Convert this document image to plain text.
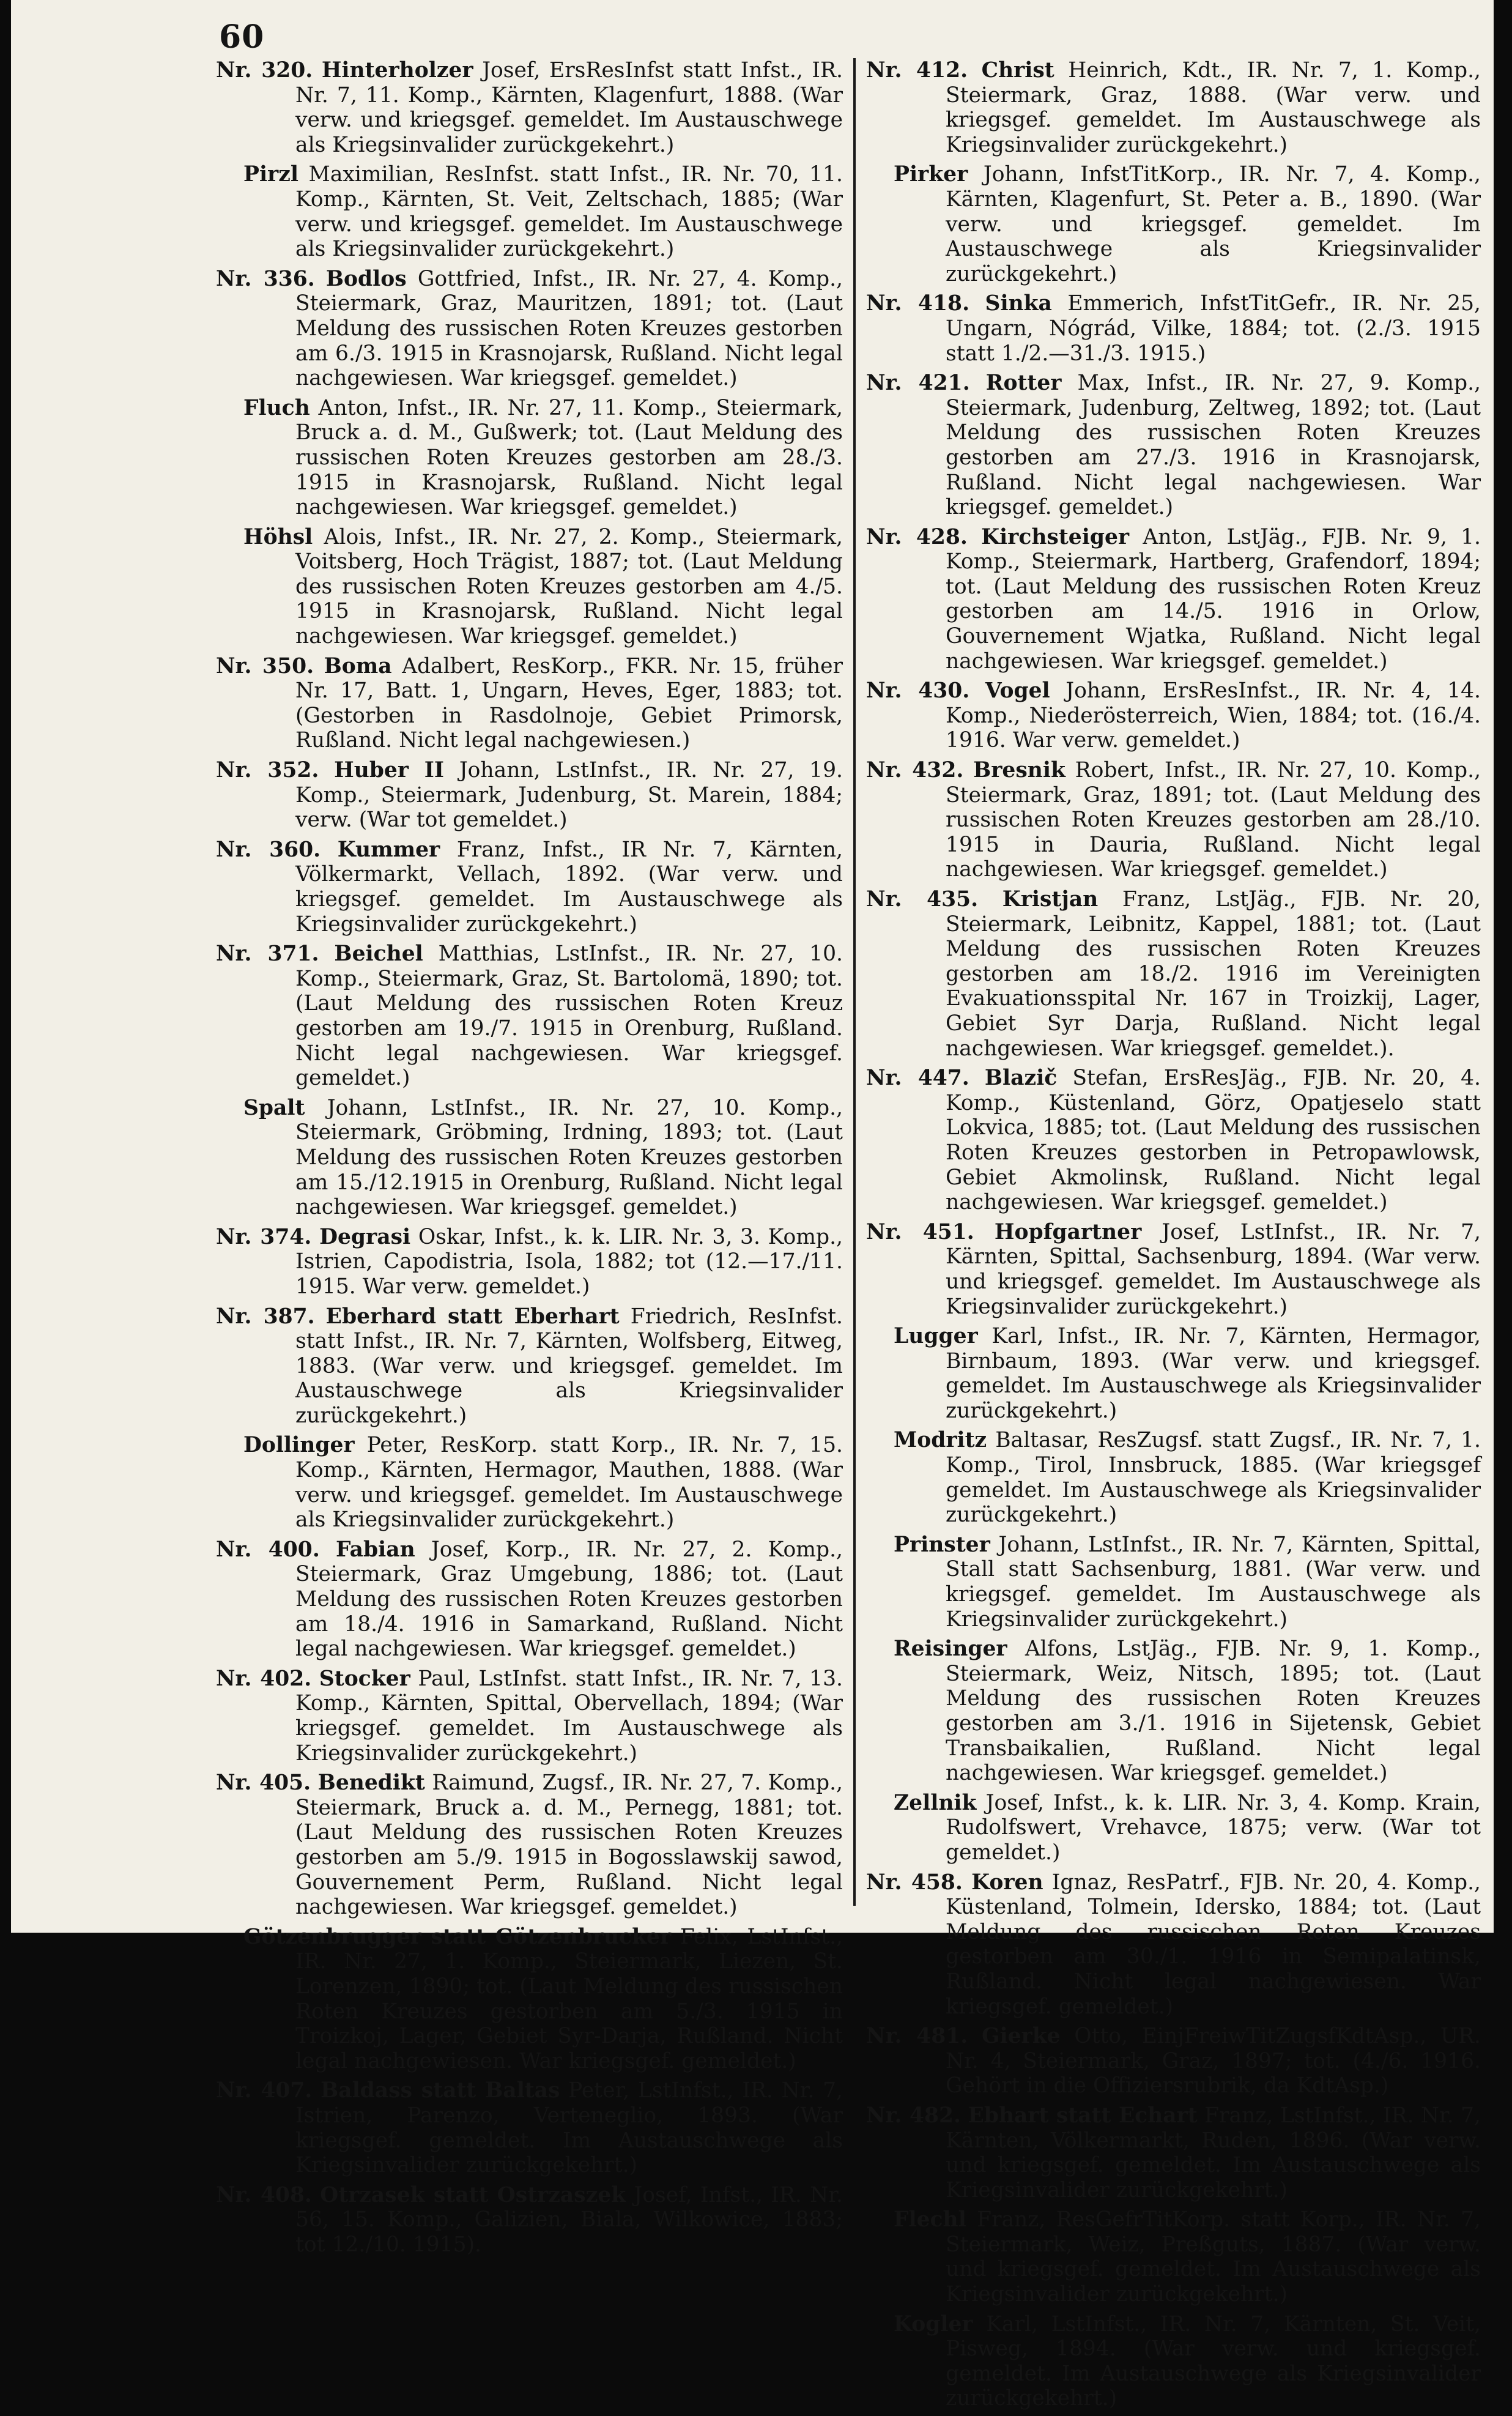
60

Nr. 320. Hinterholzer Josef, ErsResInfst statt Infst., IR. Nr. 7, 11. Komp., Kärnten, Klagenfurt, 1888. (War verw. und kriegsgef. gemeldet. Im Austauschwege als Kriegsinvalider zurückgekehrt.)

Pirzl Maximilian, ResInfst. statt Infst., IR. Nr. 70, 11. Komp., Kärnten, St. Veit, Zeltschach, 1885; (War verw. und kriegsgef. gemeldet. Im Austauschwege als Kriegsinvalider zurückgekehrt.)

Nr. 336. Bodlos Gottfried, Infst., IR. Nr. 27, 4. Komp., Steiermark, Graz, Mauritzen, 1891; tot. (Laut Meldung des russischen Roten Kreuzes gestorben am 6./3. 1915 in Krasnojarsk, Rußland. Nicht legal nachgewiesen. War kriegsgef. gemeldet.)

Fluch Anton, Infst., IR. Nr. 27, 11. Komp., Steiermark, Bruck a. d. M., Gußwerk; tot. (Laut Meldung des russischen Roten Kreuzes gestorben am 28./3. 1915 in Krasnojarsk, Rußland. Nicht legal nachgewiesen. War kriegsgef. gemeldet.)

Höhsl Alois, Infst., IR. Nr. 27, 2. Komp., Steiermark, Voitsberg, Hoch Trägist, 1887; tot. (Laut Meldung des russischen Roten Kreuzes gestorben am 4./5. 1915 in Krasnojarsk, Rußland. Nicht legal nachgewiesen. War kriegsgef. gemeldet.)

Nr. 350. Boma Adalbert, ResKorp., FKR. Nr. 15, früher Nr. 17, Batt. 1, Ungarn, Heves, Eger, 1883; tot. (Gestorben in Rasdolnoje, Gebiet Primorsk, Rußland. Nicht legal nachgewiesen.)

Nr. 352. Huber II Johann, LstInfst., IR. Nr. 27, 19. Komp., Steiermark, Judenburg, St. Marein, 1884; verw. (War tot gemeldet.)

Nr. 360. Kummer Franz, Infst., IR Nr. 7, Kärnten, Völkermarkt, Vellach, 1892. (War verw. und kriegsgef. gemeldet. Im Austauschwege als Kriegsinvalider zurückgekehrt.)

Nr. 371. Beichel Matthias, LstInfst., IR. Nr. 27, 10. Komp., Steiermark, Graz, St. Bartolomä, 1890; tot. (Laut Meldung des russischen Roten Kreuz gestorben am 19./7. 1915 in Orenburg, Rußland. Nicht legal nachgewiesen. War kriegsgef. gemeldet.)

Spalt Johann, LstInfst., IR. Nr. 27, 10. Komp., Steiermark, Gröbming, Irdning, 1893; tot. (Laut Meldung des russischen Roten Kreuzes gestorben am 15./12.1915 in Orenburg, Rußland. Nicht legal nachgewiesen. War kriegsgef. gemeldet.)

Nr. 374. Degrasi Oskar, Infst., k. k. LIR. Nr. 3, 3. Komp., Istrien, Capodistria, Isola, 1882; tot (12.—17./11. 1915. War verw. gemeldet.)

Nr. 387. Eberhard statt Eberhart Friedrich, ResInfst. statt Infst., IR. Nr. 7, Kärnten, Wolfsberg, Eitweg, 1883. (War verw. und kriegsgef. gemeldet. Im Austauschwege als Kriegsinvalider zurückgekehrt.)

Dollinger Peter, ResKorp. statt Korp., IR. Nr. 7, 15. Komp., Kärnten, Hermagor, Mauthen, 1888. (War verw. und kriegsgef. gemeldet. Im Austauschwege als Kriegsinvalider zurückgekehrt.)

Nr. 400. Fabian Josef, Korp., IR. Nr. 27, 2. Komp., Steiermark, Graz Umgebung, 1886; tot. (Laut Meldung des russischen Roten Kreuzes gestorben am 18./4. 1916 in Samarkand, Rußland. Nicht legal nachgewiesen. War kriegsgef. gemeldet.)

Nr. 402. Stocker Paul, LstInfst. statt Infst., IR. Nr. 7, 13. Komp., Kärnten, Spittal, Obervellach, 1894; (War kriegsgef. gemeldet. Im Austauschwege als Kriegsinvalider zurückgekehrt.)

Nr. 405. Benedikt Raimund, Zugsf., IR. Nr. 27, 7. Komp., Steiermark, Bruck a. d. M., Pernegg, 1881; tot. (Laut Meldung des russischen Roten Kreuzes gestorben am 5./9. 1915 in Bogosslawskij sawod, Gouvernement Perm, Rußland. Nicht legal nachgewiesen. War kriegsgef. gemeldet.)

Götzenbrugger statt Götzenbrucker Felix, LstInfst., IR. Nr. 27, 1. Komp., Steiermark, Liezen, St. Lorenzen, 1890; tot. (Laut Meldung des russischen Roten Kreuzes gestorben am 5./3. 1915 in Troizkoj, Lager, Gebiet Syr-Darja, Rußland. Nicht legal nachgewiesen. War kriegsgef. gemeldet.)

Nr. 407. Baldass statt Baltas Peter, LstInfst., IR. Nr. 7, Istrien, Parenzo, Verteneglio, 1893. (War kriegsgef. gemeldet. Im Austauschwege als Kriegsinvalider zurückgekehrt.)

Nr. 408. Otrzasek statt Ostrzaszek Josef, Infst., IR. Nr. 56, 15. Komp., Galizien, Biala, Wilkowice, 1883; tot 12./10. 1915).

Nr. 412. Christ Heinrich, Kdt., IR. Nr. 7, 1. Komp., Steiermark, Graz, 1888. (War verw. und kriegsgef. gemeldet. Im Austauschwege als Kriegsinvalider zurückgekehrt.)

Pirker Johann, InfstTitKorp., IR. Nr. 7, 4. Komp., Kärnten, Klagenfurt, St. Peter a. B., 1890. (War verw. und kriegsgef. gemeldet. Im Austauschwege als Kriegsinvalider zurückgekehrt.)

Nr. 418. Sinka Emmerich, InfstTitGefr., IR. Nr. 25, Ungarn, Nógrád, Vilke, 1884; tot. (2./3. 1915 statt 1./2.—31./3. 1915.)

Nr. 421. Rotter Max, Infst., IR. Nr. 27, 9. Komp., Steiermark, Judenburg, Zeltweg, 1892; tot. (Laut Meldung des russischen Roten Kreuzes gestorben am 27./3. 1916 in Krasnojarsk, Rußland. Nicht legal nachgewiesen. War kriegsgef. gemeldet.)

Nr. 428. Kirchsteiger Anton, LstJäg., FJB. Nr. 9, 1. Komp., Steiermark, Hartberg, Grafendorf, 1894; tot. (Laut Meldung des russischen Roten Kreuz gestorben am 14./5. 1916 in Orlow, Gouvernement Wjatka, Rußland. Nicht legal nachgewiesen. War kriegsgef. gemeldet.)

Nr. 430. Vogel Johann, ErsResInfst., IR. Nr. 4, 14. Komp., Niederösterreich, Wien, 1884; tot. (16./4. 1916. War verw. gemeldet.)

Nr. 432. Bresnik Robert, Infst., IR. Nr. 27, 10. Komp., Steiermark, Graz, 1891; tot. (Laut Meldung des russischen Roten Kreuzes gestorben am 28./10. 1915 in Dauria, Rußland. Nicht legal nachgewiesen. War kriegsgef. gemeldet.)

Nr. 435. Kristjan Franz, LstJäg., FJB. Nr. 20, Steiermark, Leibnitz, Kappel, 1881; tot. (Laut Meldung des russischen Roten Kreuzes gestorben am 18./2. 1916 im Vereinigten Evakuationsspital Nr. 167 in Troizkij, Lager, Gebiet Syr Darja, Rußland. Nicht legal nachgewiesen. War kriegsgef. gemeldet.).

Nr. 447. Blazič Stefan, ErsResJäg., FJB. Nr. 20, 4. Komp., Küstenland, Görz, Opatjeselo statt Lokvica, 1885; tot. (Laut Meldung des russischen Roten Kreuzes gestorben in Petropawlowsk, Gebiet Akmolinsk, Rußland. Nicht legal nachgewiesen. War kriegsgef. gemeldet.)

Nr. 451. Hopfgartner Josef, LstInfst., IR. Nr. 7, Kärnten, Spittal, Sachsenburg, 1894. (War verw. und kriegsgef. gemeldet. Im Austauschwege als Kriegsinvalider zurückgekehrt.)

Lugger Karl, Infst., IR. Nr. 7, Kärnten, Hermagor, Birnbaum, 1893. (War verw. und kriegsgef. gemeldet. Im Austauschwege als Kriegsinvalider zurückgekehrt.)

Modritz Baltasar, ResZugsf. statt Zugsf., IR. Nr. 7, 1. Komp., Tirol, Innsbruck, 1885. (War kriegsgef gemeldet. Im Austauschwege als Kriegsinvalider zurückgekehrt.)

Prinster Johann, LstInfst., IR. Nr. 7, Kärnten, Spittal, Stall statt Sachsenburg, 1881. (War verw. und kriegsgef. gemeldet. Im Austauschwege als Kriegsinvalider zurückgekehrt.)

Reisinger Alfons, LstJäg., FJB. Nr. 9, 1. Komp., Steiermark, Weiz, Nitsch, 1895; tot. (Laut Meldung des russischen Roten Kreuzes gestorben am 3./1. 1916 in Sijetensk, Gebiet Transbaikalien, Rußland. Nicht legal nachgewiesen. War kriegsgef. gemeldet.)

Zellnik Josef, Infst., k. k. LIR. Nr. 3, 4. Komp. Krain, Rudolfswert, Vrehavce, 1875; verw. (War tot gemeldet.)

Nr. 458. Koren Ignaz, ResPatrf., FJB. Nr. 20, 4. Komp., Küstenland, Tolmein, Idersko, 1884; tot. (Laut Meldung des russischen Roten Kreuzes gestorben am 30./1. 1916 in Semipalatinsk, Rußland. Nicht legal nachgewiesen. War kriegsgef. gemeldet.)

Nr. 481. Gierke Otto, EinjFreiwTitZugsfKdtAsp., UR. Nr. 4, Steiermark, Graz, 1897; tot. (4./6. 1916. Gehört in die Offiziersrubrik, da KdtAsp.)

Nr. 482. Ebhart statt Echart Franz, LstInfst., IR. Nr. 7, Kärnten, Völkermarkt, Ruden, 1896. (War verw. und kriegsgef. gemeldet. Im Austauschwege als Kriegsinvalider zurückgekehrt.)

Flechl Franz, ResGefrTitKorp. statt Korp., IR. Nr. 7, Steiermark, Weiz, Preßguts, 1887. (War verw. und kriegsgef. gemeldet. Im Austauschwege als Kriegsinvalider zurückgekehrt.)

Kogler Karl, LstInfst., IR. Nr. 7, Kärnten, St. Veit, Pisweg, 1894. (War verw. und kriegsgef. gemeldet. Im Austauschwege als Kriegsinvalider zurückgekehrt.)
